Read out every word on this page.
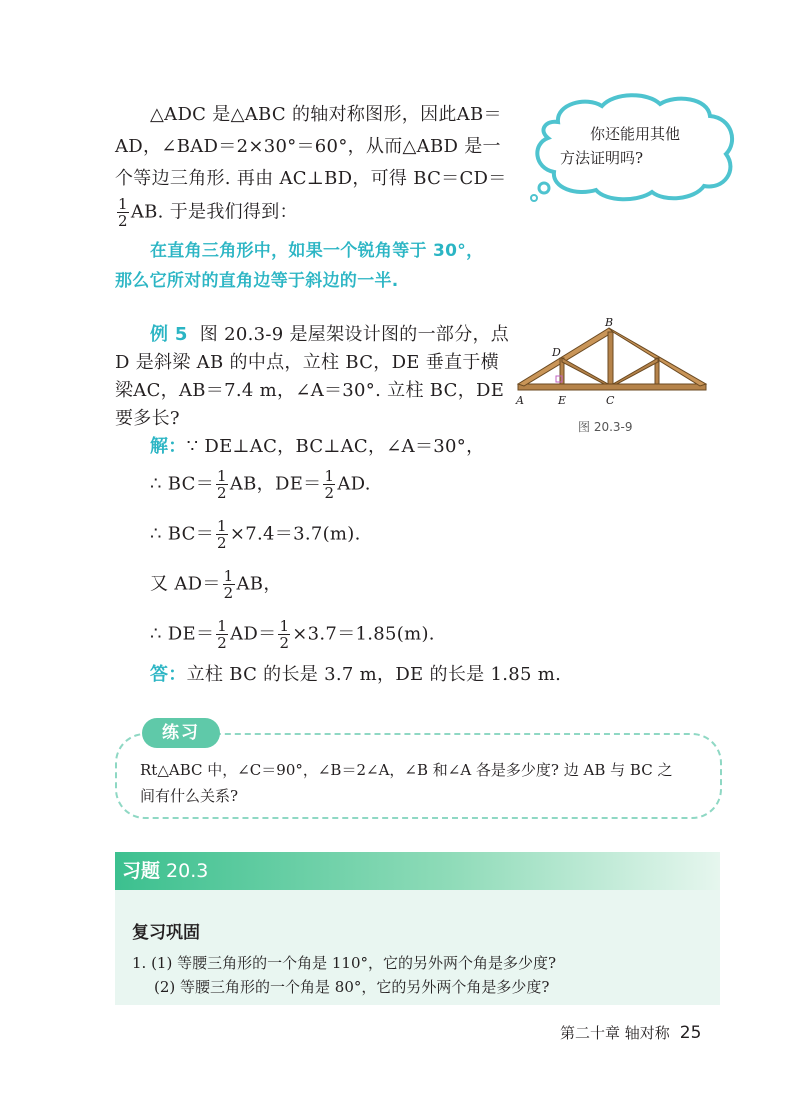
△ADC 是△ABC 的轴对称图形，因此AB＝
AD，∠BAD＝2×30°＝60°，从而△ABD 是一
个等边三角形. 再由 AC⊥BD，可得 BC＝CD＝
$\frac{1}{2}$ AB. 于是我们得到：
你还能用其他
方法证明吗?
在直角三角形中，如果一个锐角等于 30°，
那么它所对的直角边等于斜边的一半.
例 5 图 20.3-9 是屋架设计图的一部分，点
D 是斜梁 AB 的中点，立柱 BC，DE 垂直于横
梁AC，AB＝7.4 m，∠A＝30°. 立柱 BC，DE
要多长?
A	E	C
D
B
图 20.3-9
解：∵ DE⊥AC，BC⊥AC，∠A＝30°，
∴ $BC= \frac{1}{2}$ AB，$DE= \frac{1}{2}$ AD.
∴ $BC= \frac{1}{2} \times 7.4=3.7(m)$.
又 $AD= \frac{1}{2}$ AB，
∴ $DE= \frac{1}{2} AD= \frac{1}{2} \times 3.7=1.85(m)$.
答：立柱 BC 的长是 3.7 m，DE 的长是 1.85 m.
练习
Rt△ABC 中，∠C＝90°，∠B＝2∠A，∠B 和∠A 各是多少度? 边 AB 与 BC 之
间有什么关系?
习题 20.3
复习巩固
1. (1) 等腰三角形的一个角是 110°，它的另外两个角是多少度?
(2) 等腰三角形的一个角是 80°，它的另外两个角是多少度?
第二十章 轴对称 25
